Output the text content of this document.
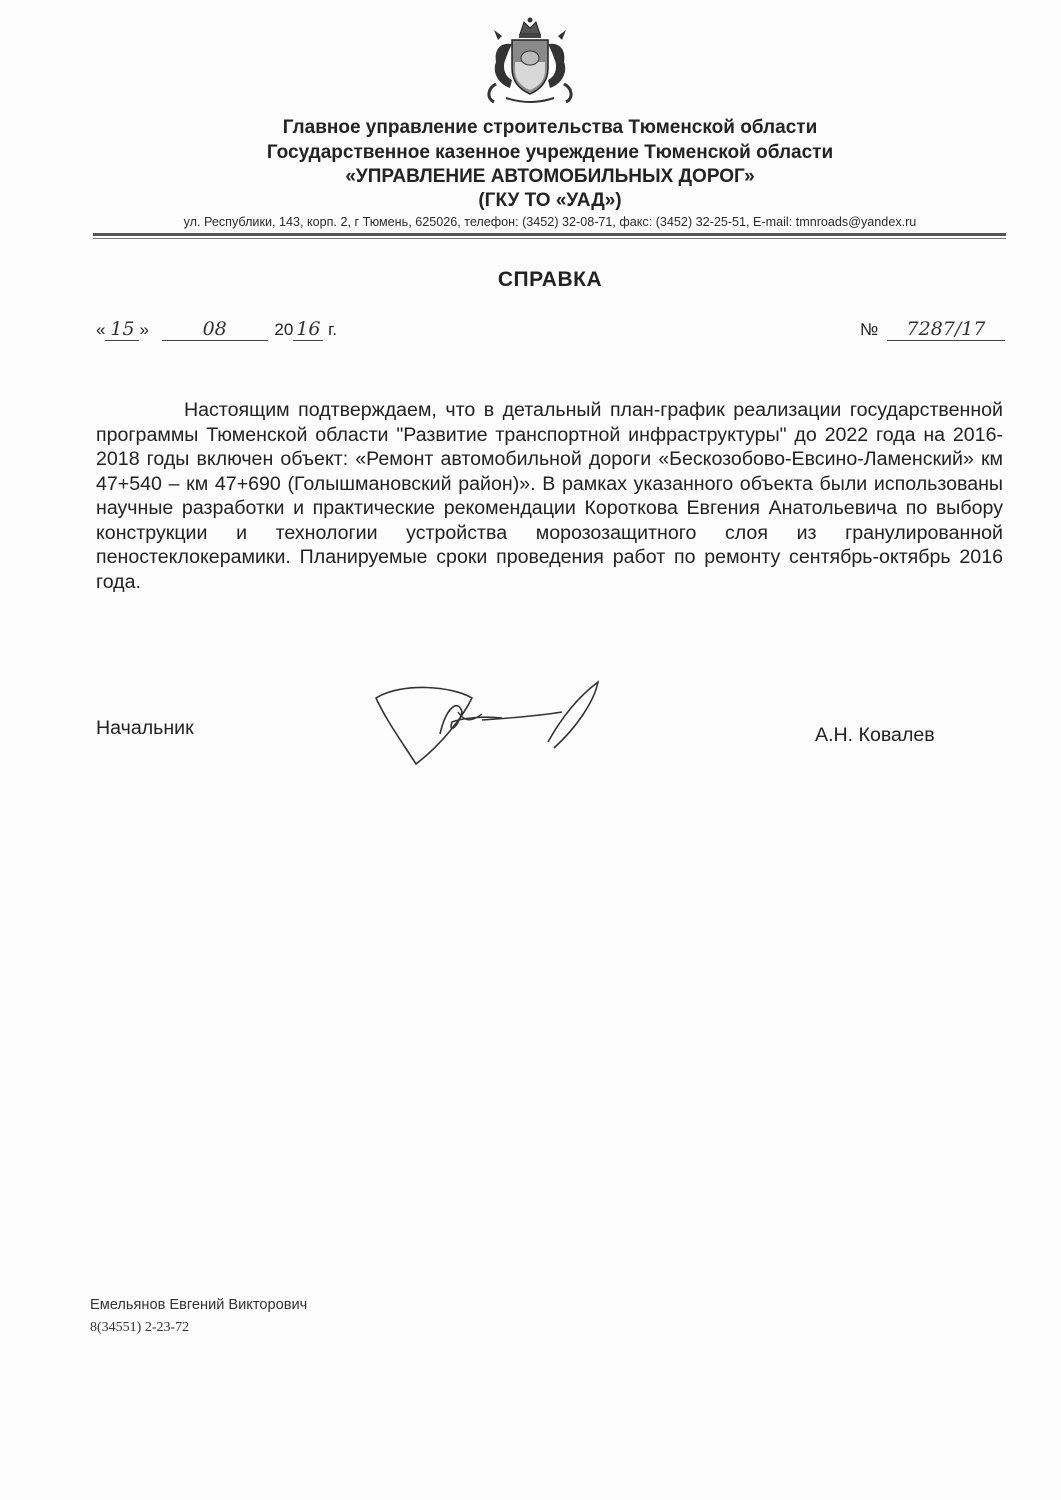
Главное управление строительства Тюменской области
Государственное казенное учреждение Тюменской области
«УПРАВЛЕНИЕ АВТОМОБИЛЬНЫХ ДОРОГ»
(ГКУ ТО «УАД»)
ул. Республики, 143, корп. 2, г Тюмень, 625026, телефон: (3452) 32-08-71, факс: (3452) 32-25-51, E-mail: tmnroads@yandex.ru
СПРАВКА
« 15 »	08	20 16 г.	№ 7287/17

Настоящим подтверждаем, что в детальный план-график реализации государственной программы Тюменской области "Развитие транспортной инфраструктуры" до 2022 года на 2016-2018 годы включен объект: «Ремонт автомобильной дороги «Бескозобово-Евсино-Ламенский» км 47+540 – км 47+690 (Голышмановский район)». В рамках указанного объекта были использованы научные разработки и практические рекомендации Короткова Евгения Анатольевича по выбору конструкции и технологии устройства морозозащитного слоя из гранулированной пеностеклокерамики. Планируемые сроки проведения работ по ремонту сентябрь-октябрь 2016 года.

Начальник	А.Н. Ковалев
Емельянов Евгений Викторович
8(34551) 2-23-72
